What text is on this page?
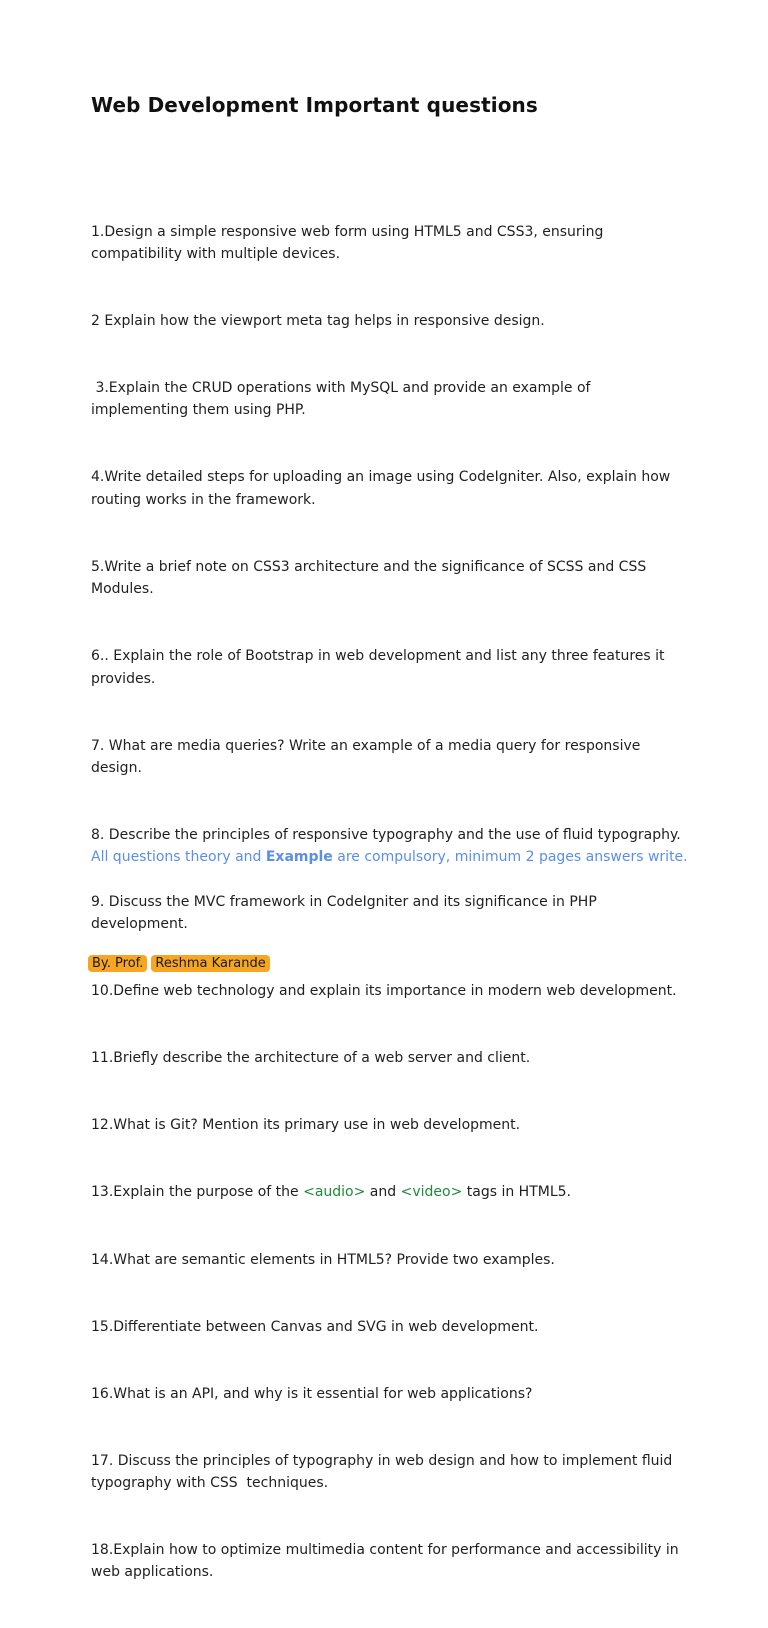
Web Development Important questions

1.Design a simple responsive web form using HTML5 and CSS3, ensuring compatibility with multiple devices.

2 Explain how the viewport meta tag helps in responsive design.

3.Explain the CRUD operations with MySQL and provide an example of implementing them using PHP.

4.Write detailed steps for uploading an image using CodeIgniter. Also, explain how routing works in the framework.

5.Write a brief note on CSS3 architecture and the significance of SCSS and CSS Modules.

6.. Explain the role of Bootstrap in web development and list any three features it provides.

7. What are media queries? Write an example of a media query for responsive design.

8. Describe the principles of responsive typography and the use of fluid typography.

9. Discuss the MVC framework in CodeIgniter and its significance in PHP development.

10.Define web technology and explain its importance in modern web development.

11.Briefly describe the architecture of a web server and client.

12.What is Git? Mention its primary use in web development.

13.Explain the purpose of the <audio> and <video> tags in HTML5.

14.What are semantic elements in HTML5? Provide two examples.

15.Differentiate between Canvas and SVG in web development.

16.What is an API, and why is it essential for web applications?

17. Discuss the principles of typography in web design and how to implement fluid typography with CSS  techniques.

18.Explain how to optimize multimedia content for performance and accessibility in web applications.

All questions theory and Example are compulsory, minimum 2 pages answers write.

By. Prof. Reshma Karande
